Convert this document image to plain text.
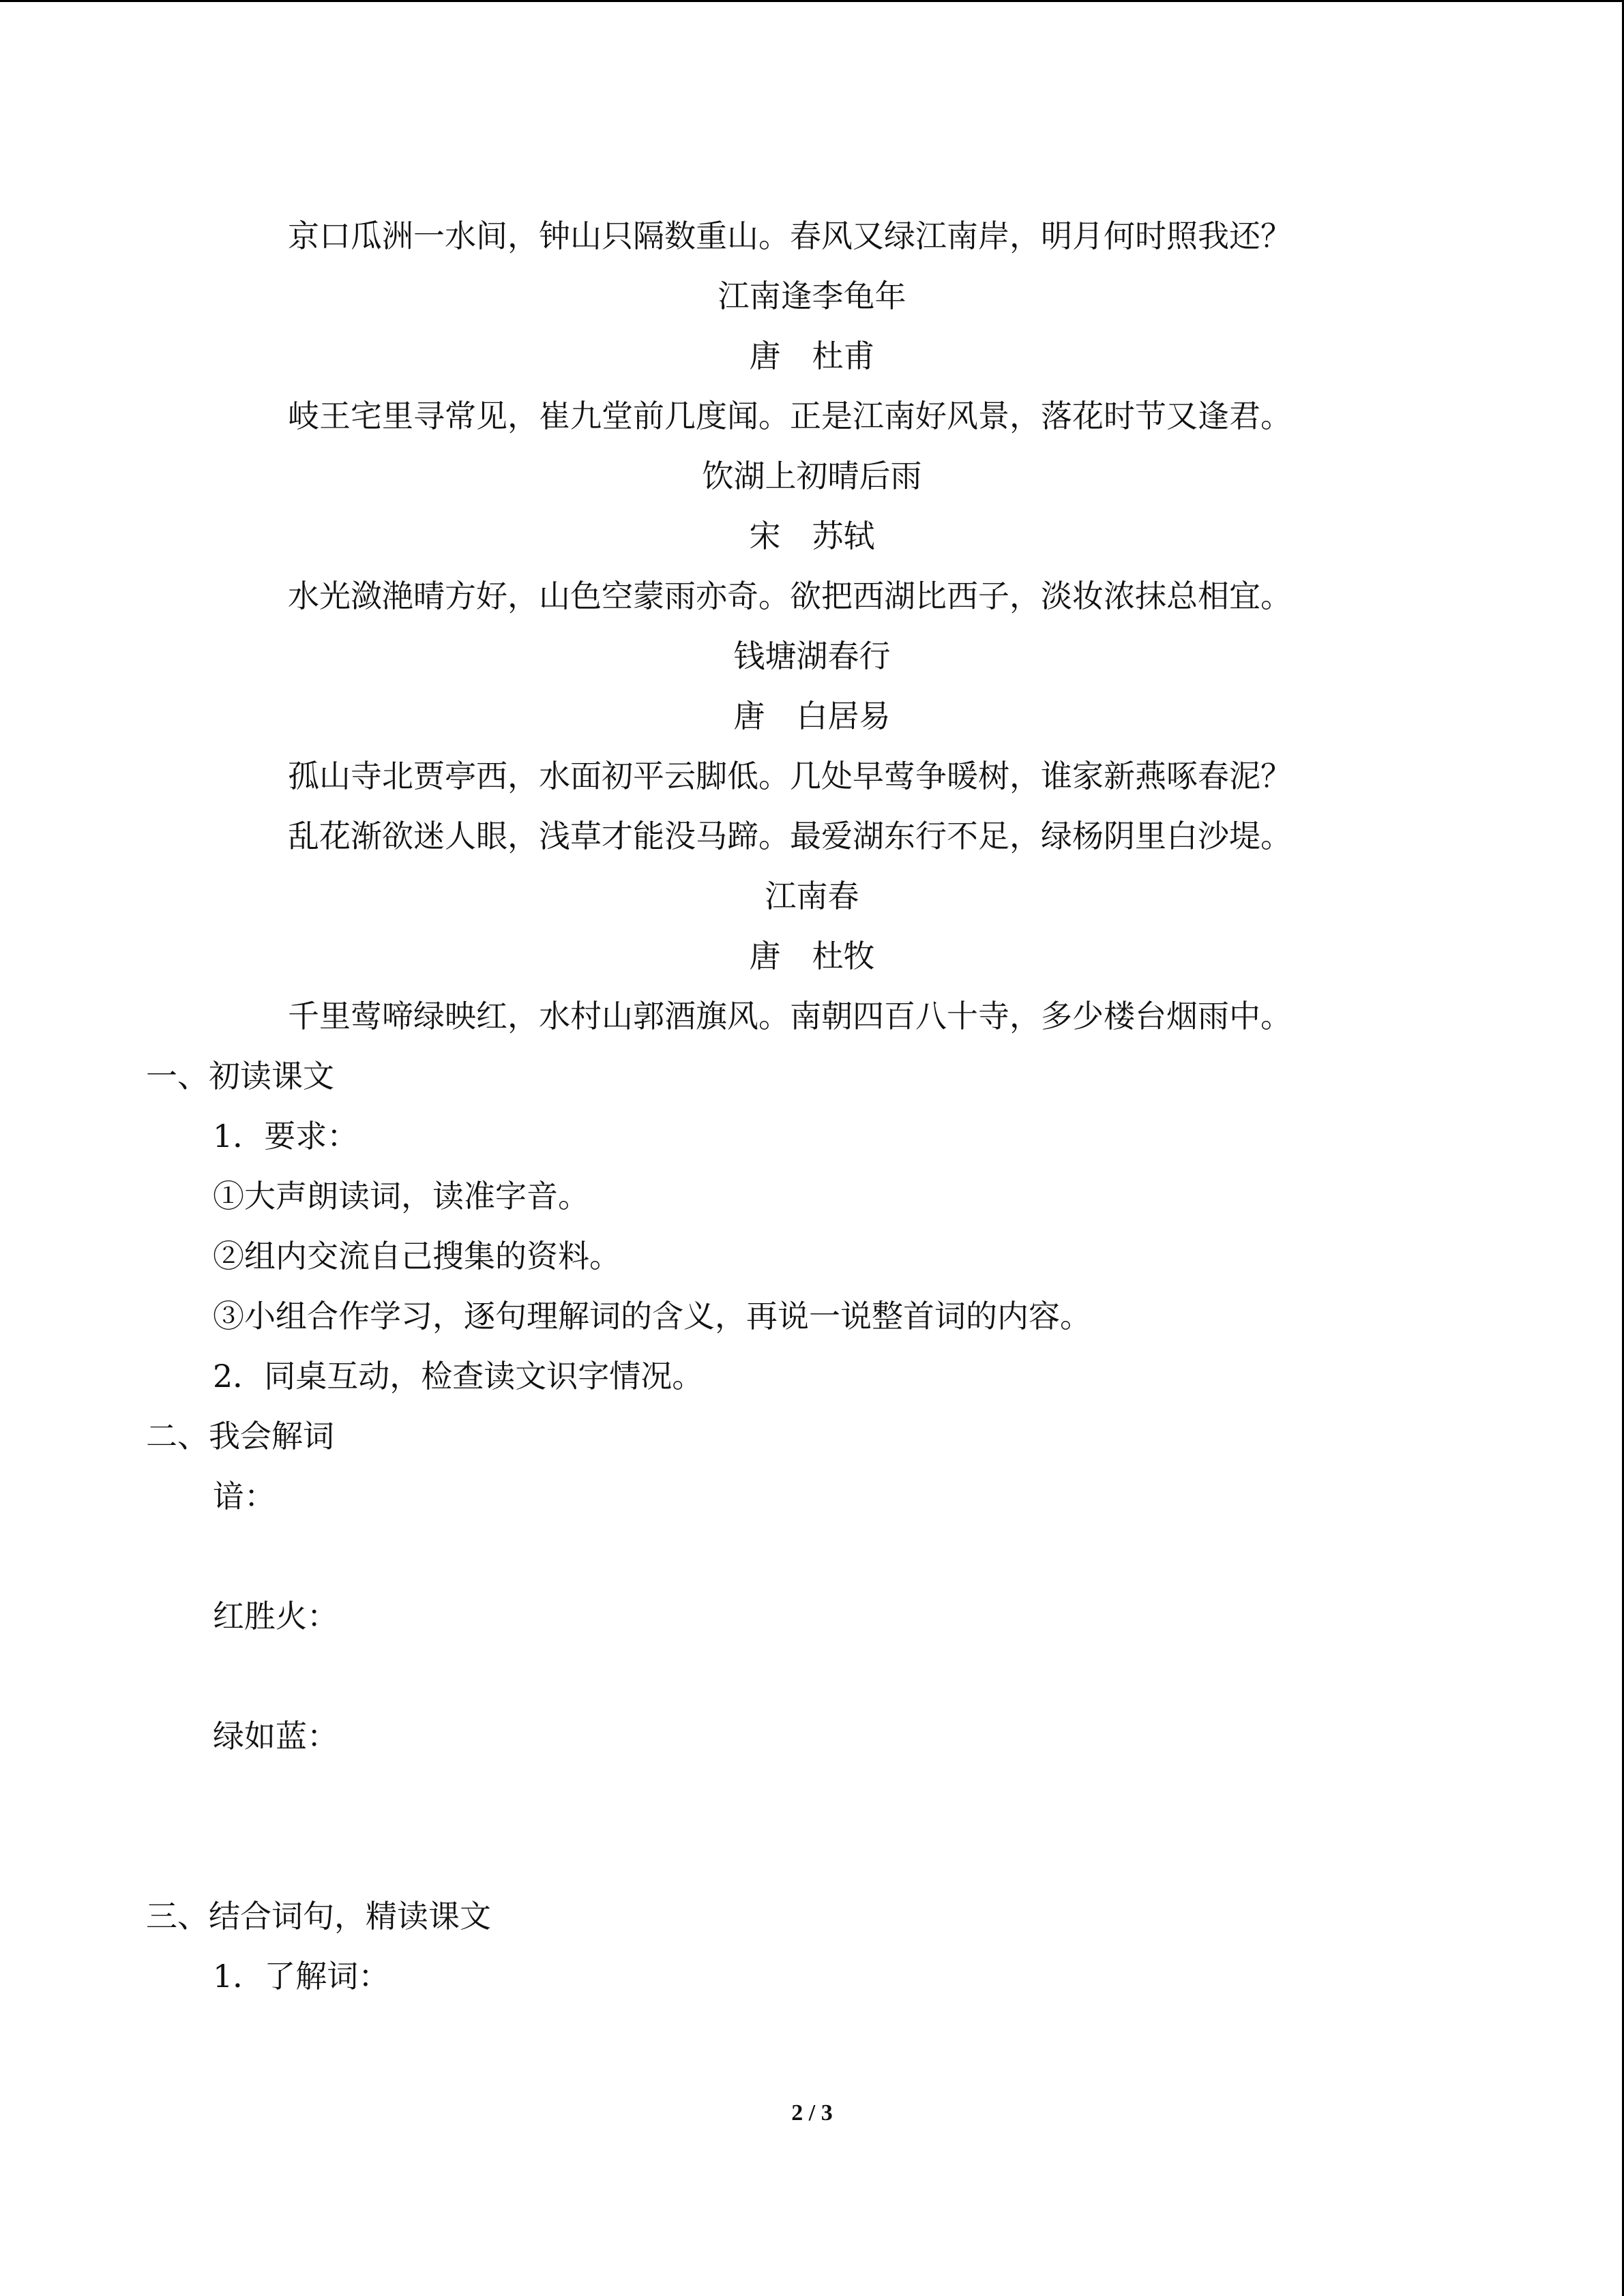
京口瓜洲一水间，钟山只隔数重山。春风又绿江南岸，明月何时照我还？
江南逢李龟年
唐　杜甫
岐王宅里寻常见，崔九堂前几度闻。正是江南好风景，落花时节又逢君。
饮湖上初晴后雨
宋　苏轼
水光潋滟晴方好，山色空蒙雨亦奇。欲把西湖比西子，淡妆浓抹总相宜。
钱塘湖春行
唐　白居易
孤山寺北贾亭西，水面初平云脚低。几处早莺争暖树，谁家新燕啄春泥？
乱花渐欲迷人眼，浅草才能没马蹄。最爱湖东行不足，绿杨阴里白沙堤。
江南春
唐　杜牧
千里莺啼绿映红，水村山郭酒旗风。南朝四百八十寺，多少楼台烟雨中。
一、初读课文
1．要求：
①大声朗读词，读准字音。
②组内交流自己搜集的资料。
③小组合作学习，逐句理解词的含义，再说一说整首词的内容。
2．同桌互动，检查读文识字情况。
二、我会解词
谙：
红胜火：
绿如蓝：
三、结合词句，精读课文
1．了解词：
2 / 3
